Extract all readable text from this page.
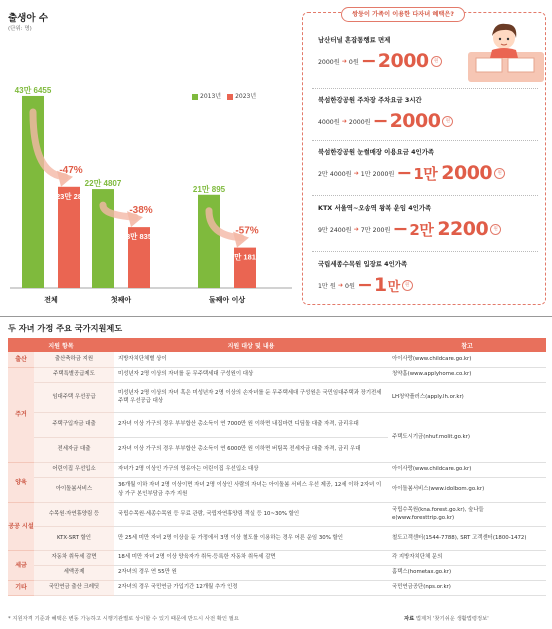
출생아 수
(단위: 명)
2013년	2023년
43만 6455
23만 28
-47%
전체
22만 4807
13만 8352
-38%
첫째아
21만 895
9만 1813
-57%
둘째아 이상
쌍둥이 가족이 이용한 다자녀 혜택은?
남산터널 혼잡통행료 면제
2000원 ➜ 0원 − 2000	원
북섬한강공원 주차장 주차요금 3시간
4000원 ➜ 2000원 − 2000	원
북섬한강공원 눈썰매장 이용요금 4인가족
2만 4000원 ➜ 1만 2000원 − 1만 2000	원
KTX 서울역~오송역 왕복 운임 4인가족
9만 2400원 ➜ 7만 200원 − 2만 2200	원
국립세종수목원 입장료 4인가족
1만 원 ➜ 0원 − 1 만	원
두 자녀 가정 주요 국가지원제도
지원 항목		지원 대상 및 내용	참고
출산	출산축하금 지원	지방자치단체별 상이	아이사랑(www.childcare.go.kr)
주거	주택특별공급제도	미성년자 2명 이상의 자녀를 둔 무주택세대 구성원이 대상	청약홈(www.applyhome.co.kr)
	임대주택 우선공급	미성년자 2명 이상의 자녀 혹은 미성년자 2명 이상의 손자녀를 둔 무주택세대 구성원은 국민임대주택과 장기전세주택 우선공급 대상	LH청약플러스(apply.lh.or.kr)
	주택구입자금 대출	2자녀 이상 가구의 경우 부부합산 총소득이 연 7000만 원 이하면 내집마련 디딤돌 대출 자격, 금리우대	주택도시기금(nhuf.molit.go.kr)
	전세자금 대출	2자녀 이상 가구의 경우 부부합산 총소득이 연 6000만 원 이하면 버팀목 전세자금 대출 자격, 금리 우대	
양육	어린이집 우선입소	자녀가 2명 이상인 가구의 영유아는 어린이집 우선입소 대상	아이사랑(www.childcare.go.kr)
	아이돌봄서비스	36개월 이하 자녀 2명 이상이면 자녀 2명 이상인 사람의 자녀는 아이돌봄 서비스 우선 제공, 12세 이하 2자녀 이상 가구 본인부담금 추가 지원	아이돌봄서비스(www.idolbom.go.kr)
공공 시설	수목원·자연휴양림 등	국립수목원·세종수목원 등 무료 관람, 국립자연휴양림 객실 등 10~30% 할인	국립수목원(kna.forest.go.kr), 숲나들e(www.foresttrip.go.kr)
	KTX·SRT 할인	만 25세 미만 자녀 2명 이상을 둔 가정에서 3명 이상 철도를 이용하는 경우 어른 운임 30% 할인	철도고객센터(1544-7788), SRT 고객센터(1800-1472)
세금	자동차 취득세 감면	18세 미만 자녀 2명 이상 양육자가 취득·등록한 자동차 취득세 감면	각 지방자치단체 문의
	세액공제	2자녀의 경우 연 55만 원	홈택스(hometax.go.kr)
기타	국민연금 출산 크레딧	2자녀의 경우 국민연금 가입기간 12개월 추가 인정	국민연금공단(nps.or.kr)
* 지원자격 기준과 혜택은 변동 가능하고 시행기관별로 상이할 수 있기 때문에 반드시 사전 확인 필요	자료 법제처 '찾기쉬운 생활법령정보'
